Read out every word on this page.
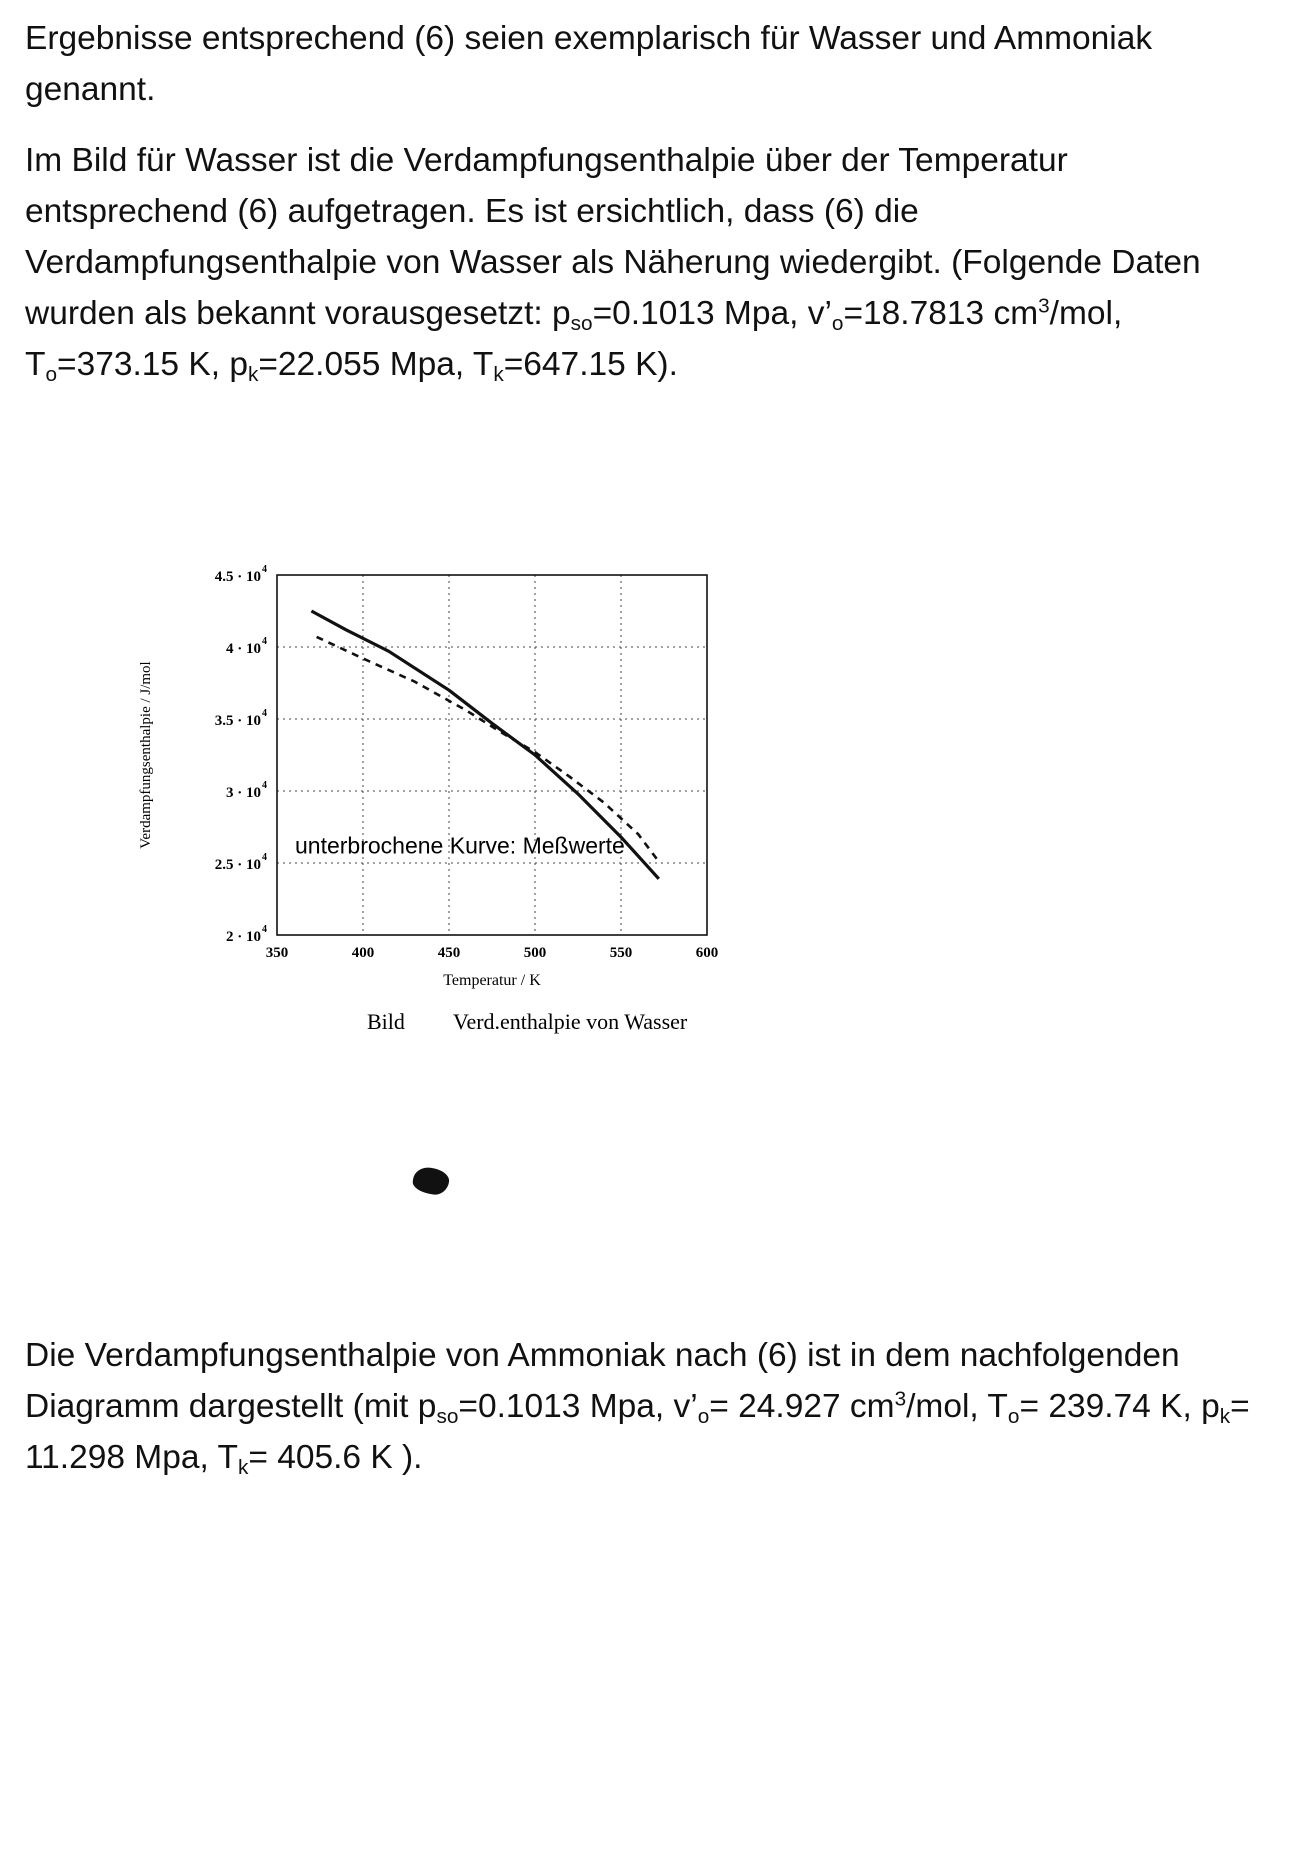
Ergebnisse entsprechend (6) seien exemplarisch für Wasser und Ammoniak genannt.

Im Bild für Wasser ist die Verdampfungsenthalpie über der Temperatur entsprechend (6) aufgetragen. Es ist ersichtlich, dass (6) die Verdampfungsenthalpie von Wasser als Näherung wiedergibt. (Folgende Daten wurden als bekannt vorausgesetzt: $p_{so}=0.1013$ Mpa, $v’_o=18.7813$ $cm^3$/mol, $T_o=373.15$ K, $p_k=22.055$ Mpa, $T_k=647.15$ K).

350	400	450	500	550	600
2 · 10 4
2.5 · 10 4
3 · 10 4
3.5 · 10 4
4 · 10 4
4.5 · 10 4
Temperatur / K
Verdampfungsenthalpie / J/mol	unterbrochene Kurve: Meßwerte
Bild Verd.enthalpie von Wasser

Die Verdampfungsenthalpie von Ammoniak nach (6) ist in dem nachfolgenden Diagramm dargestellt (mit $p_{so}=0.1013$ Mpa, $v’_o= 24.927$ $cm^3$/mol, $T_o= 239.74$ K, $p_k= 11.298$ Mpa, $T_k= 405.6$ K ).
